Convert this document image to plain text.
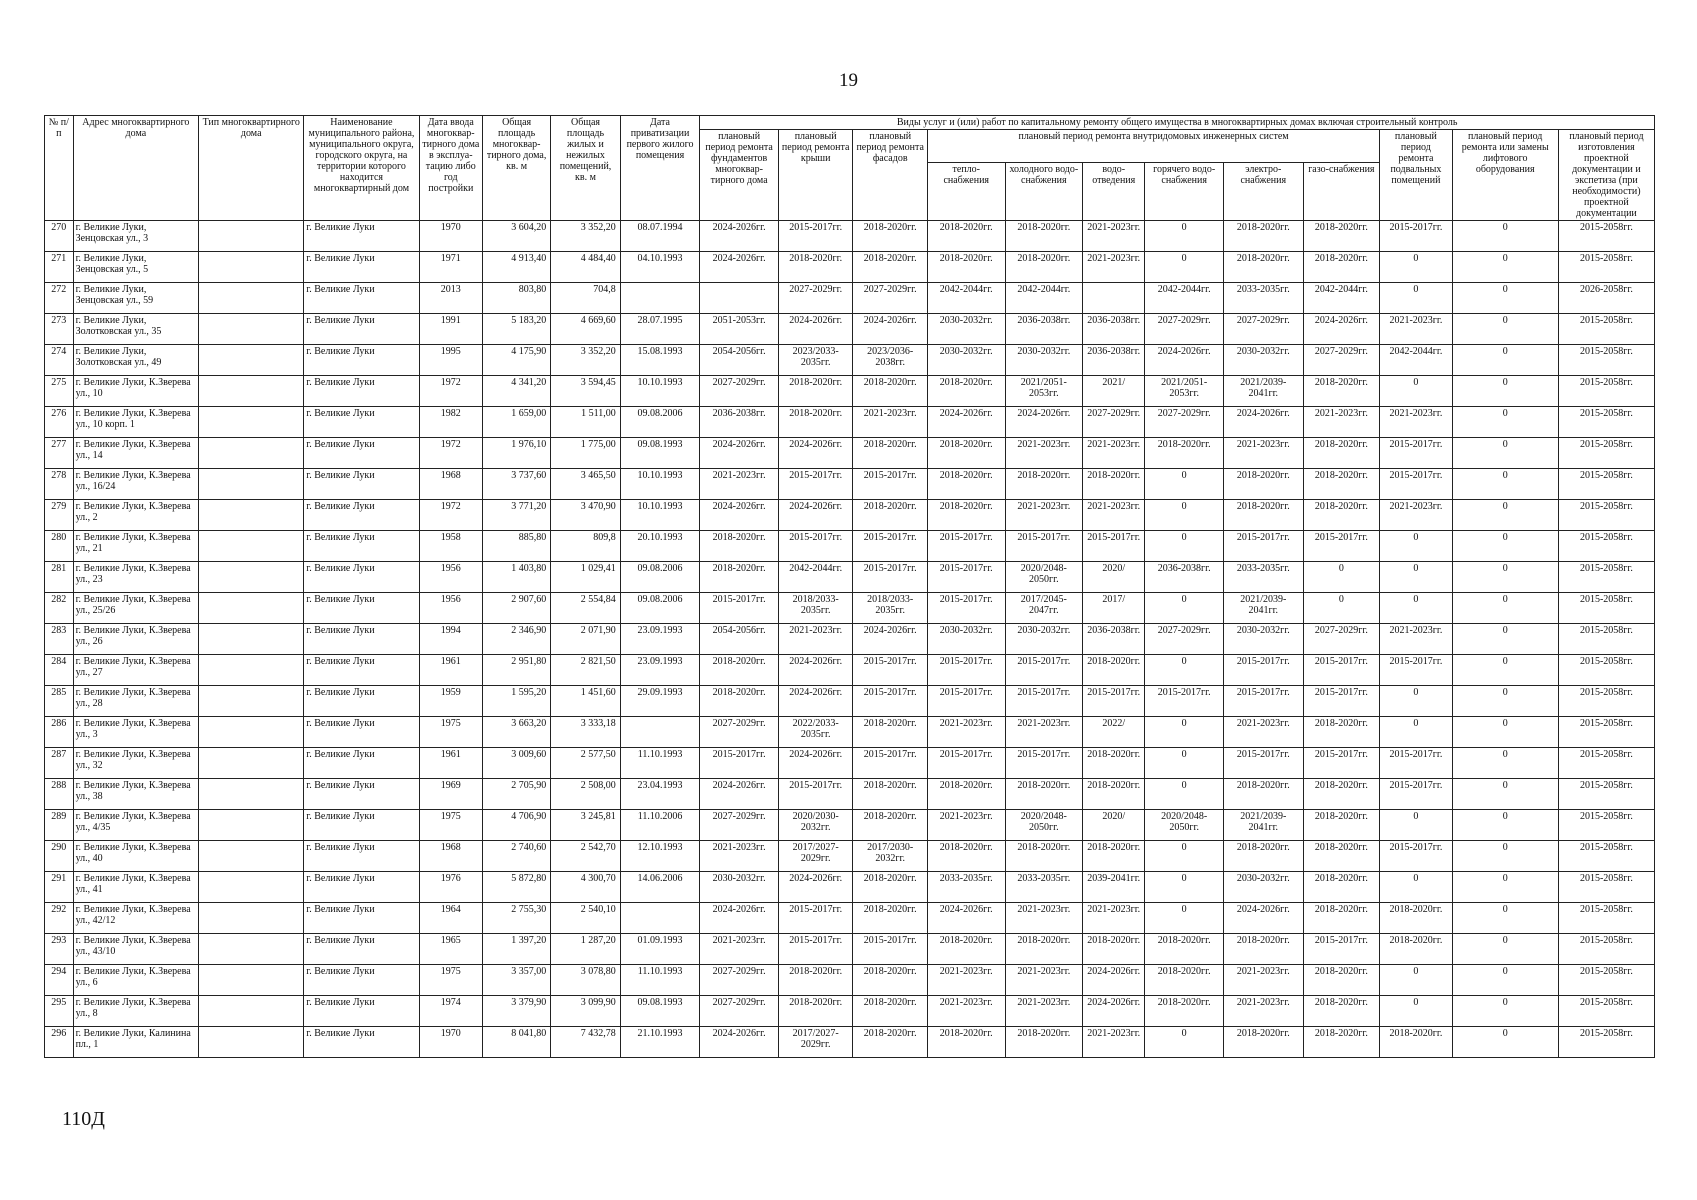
19
№ п/п	Адрес многоквартирного дома	Тип многоквартирного дома	Наименование муниципального района, муниципального округа, городского округа, на территории которого находится многоквартирный дом	Дата ввода многоквар-тирного дома в эксплуа-тацию либо год постройки	Общая площадь многоквар-тирного дома, кв. м	Общая площадь жилых и нежилых помещений, кв. м	Дата приватизации первого жилого помещения	Виды услуг и (или) работ по капитальному ремонту общего имущества в многоквартирных домах включая строительный контроль											
								плановый период ремонта фундаментов многоквар-тирного дома	плановый период ремонта крыши	плановый период ремонта фасадов	плановый период ремонта внутридомовых инженерных систем						плановый период ремонта подвальных помещений	плановый период ремонта или замены лифтового оборудования	плановый период изготовления проектной документации и экспетиза (при необходимости) проектной документации
											тепло-снабжения	холодного водо-снабжения	водо-отведения	горячего водо-снабжения	электро-снабжения	газо-снабжения			
270	г. Великие Луки, Зенцовская ул., 3		г. Великие Луки	1970	3 604,20	3 352,20	08.07.1994	2024-2026гг.	2015-2017гг.	2018-2020гг.	2018-2020гг.	2018-2020гг.	2021-2023гг.	0	2018-2020гг.	2018-2020гг.	2015-2017гг.	0	2015-2058гг.
271	г. Великие Луки, Зенцовская ул., 5		г. Великие Луки	1971	4 913,40	4 484,40	04.10.1993	2024-2026гг.	2018-2020гг.	2018-2020гг.	2018-2020гг.	2018-2020гг.	2021-2023гг.	0	2018-2020гг.	2018-2020гг.	0	0	2015-2058гг.
272	г. Великие Луки, Зенцовская ул., 59		г. Великие Луки	2013	803,80	704,8			2027-2029гг.	2027-2029гг.	2042-2044гг.	2042-2044гг.		2042-2044гг.	2033-2035гг.	2042-2044гг.	0	0	2026-2058гг.
273	г. Великие Луки, Золотковская ул., 35		г. Великие Луки	1991	5 183,20	4 669,60	28.07.1995	2051-2053гг.	2024-2026гг.	2024-2026гг.	2030-2032гг.	2036-2038гг.	2036-2038гг.	2027-2029гг.	2027-2029гг.	2024-2026гг.	2021-2023гг.	0	2015-2058гг.
274	г. Великие Луки, Золотковская ул., 49		г. Великие Луки	1995	4 175,90	3 352,20	15.08.1993	2054-2056гг.	2023/2033-2035гг.	2023/2036-2038гг.	2030-2032гг.	2030-2032гг.	2036-2038гг.	2024-2026гг.	2030-2032гг.	2027-2029гг.	2042-2044гг.	0	2015-2058гг.
275	г. Великие Луки, К.Зверева ул., 10		г. Великие Луки	1972	4 341,20	3 594,45	10.10.1993	2027-2029гг.	2018-2020гг.	2018-2020гг.	2018-2020гг.	2021/2051-2053гг.	2021/	2021/2051-2053гг.	2021/2039-2041гг.	2018-2020гг.	0	0	2015-2058гг.
276	г. Великие Луки, К.Зверева ул., 10 корп. 1		г. Великие Луки	1982	1 659,00	1 511,00	09.08.2006	2036-2038гг.	2018-2020гг.	2021-2023гг.	2024-2026гг.	2024-2026гг.	2027-2029гг.	2027-2029гг.	2024-2026гг.	2021-2023гг.	2021-2023гг.	0	2015-2058гг.
277	г. Великие Луки, К.Зверева ул., 14		г. Великие Луки	1972	1 976,10	1 775,00	09.08.1993	2024-2026гг.	2024-2026гг.	2018-2020гг.	2018-2020гг.	2021-2023гг.	2021-2023гг.	2018-2020гг.	2021-2023гг.	2018-2020гг.	2015-2017гг.	0	2015-2058гг.
278	г. Великие Луки, К.Зверева ул., 16/24		г. Великие Луки	1968	3 737,60	3 465,50	10.10.1993	2021-2023гг.	2015-2017гг.	2015-2017гг.	2018-2020гг.	2018-2020гг.	2018-2020гг.	0	2018-2020гг.	2018-2020гг.	2015-2017гг.	0	2015-2058гг.
279	г. Великие Луки, К.Зверева ул., 2		г. Великие Луки	1972	3 771,20	3 470,90	10.10.1993	2024-2026гг.	2024-2026гг.	2018-2020гг.	2018-2020гг.	2021-2023гг.	2021-2023гг.	0	2018-2020гг.	2018-2020гг.	2021-2023гг.	0	2015-2058гг.
280	г. Великие Луки, К.Зверева ул., 21		г. Великие Луки	1958	885,80	809,8	20.10.1993	2018-2020гг.	2015-2017гг.	2015-2017гг.	2015-2017гг.	2015-2017гг.	2015-2017гг.	0	2015-2017гг.	2015-2017гг.	0	0	2015-2058гг.
281	г. Великие Луки, К.Зверева ул., 23		г. Великие Луки	1956	1 403,80	1 029,41	09.08.2006	2018-2020гг.	2042-2044гг.	2015-2017гг.	2015-2017гг.	2020/2048-2050гг.	2020/	2036-2038гг.	2033-2035гг.	0	0	0	2015-2058гг.
282	г. Великие Луки, К.Зверева ул., 25/26		г. Великие Луки	1956	2 907,60	2 554,84	09.08.2006	2015-2017гг.	2018/2033-2035гг.	2018/2033-2035гг.	2015-2017гг.	2017/2045-2047гг.	2017/	0	2021/2039-2041гг.	0	0	0	2015-2058гг.
283	г. Великие Луки, К.Зверева ул., 26		г. Великие Луки	1994	2 346,90	2 071,90	23.09.1993	2054-2056гг.	2021-2023гг.	2024-2026гг.	2030-2032гг.	2030-2032гг.	2036-2038гг.	2027-2029гг.	2030-2032гг.	2027-2029гг.	2021-2023гг.	0	2015-2058гг.
284	г. Великие Луки, К.Зверева ул., 27		г. Великие Луки	1961	2 951,80	2 821,50	23.09.1993	2018-2020гг.	2024-2026гг.	2015-2017гг.	2015-2017гг.	2015-2017гг.	2018-2020гг.	0	2015-2017гг.	2015-2017гг.	2015-2017гг.	0	2015-2058гг.
285	г. Великие Луки, К.Зверева ул., 28		г. Великие Луки	1959	1 595,20	1 451,60	29.09.1993	2018-2020гг.	2024-2026гг.	2015-2017гг.	2015-2017гг.	2015-2017гг.	2015-2017гг.	2015-2017гг.	2015-2017гг.	2015-2017гг.	0	0	2015-2058гг.
286	г. Великие Луки, К.Зверева ул., 3		г. Великие Луки	1975	3 663,20	3 333,18		2027-2029гг.	2022/2033-2035гг.	2018-2020гг.	2021-2023гг.	2021-2023гг.	2022/	0	2021-2023гг.	2018-2020гг.	0	0	2015-2058гг.
287	г. Великие Луки, К.Зверева ул., 32		г. Великие Луки	1961	3 009,60	2 577,50	11.10.1993	2015-2017гг.	2024-2026гг.	2015-2017гг.	2015-2017гг.	2015-2017гг.	2018-2020гг.	0	2015-2017гг.	2015-2017гг.	2015-2017гг.	0	2015-2058гг.
288	г. Великие Луки, К.Зверева ул., 38		г. Великие Луки	1969	2 705,90	2 508,00	23.04.1993	2024-2026гг.	2015-2017гг.	2018-2020гг.	2018-2020гг.	2018-2020гг.	2018-2020гг.	0	2018-2020гг.	2018-2020гг.	2015-2017гг.	0	2015-2058гг.
289	г. Великие Луки, К.Зверева ул., 4/35		г. Великие Луки	1975	4 706,90	3 245,81	11.10.2006	2027-2029гг.	2020/2030-2032гг.	2018-2020гг.	2021-2023гг.	2020/2048-2050гг.	2020/	2020/2048-2050гг.	2021/2039-2041гг.	2018-2020гг.	0	0	2015-2058гг.
290	г. Великие Луки, К.Зверева ул., 40		г. Великие Луки	1968	2 740,60	2 542,70	12.10.1993	2021-2023гг.	2017/2027-2029гг.	2017/2030-2032гг.	2018-2020гг.	2018-2020гг.	2018-2020гг.	0	2018-2020гг.	2018-2020гг.	2015-2017гг.	0	2015-2058гг.
291	г. Великие Луки, К.Зверева ул., 41		г. Великие Луки	1976	5 872,80	4 300,70	14.06.2006	2030-2032гг.	2024-2026гг.	2018-2020гг.	2033-2035гг.	2033-2035гг.	2039-2041гг.	0	2030-2032гг.	2018-2020гг.	0	0	2015-2058гг.
292	г. Великие Луки, К.Зверева ул., 42/12		г. Великие Луки	1964	2 755,30	2 540,10		2024-2026гг.	2015-2017гг.	2018-2020гг.	2024-2026гг.	2021-2023гг.	2021-2023гг.	0	2024-2026гг.	2018-2020гг.	2018-2020гг.	0	2015-2058гг.
293	г. Великие Луки, К.Зверева ул., 43/10		г. Великие Луки	1965	1 397,20	1 287,20	01.09.1993	2021-2023гг.	2015-2017гг.	2015-2017гг.	2018-2020гг.	2018-2020гг.	2018-2020гг.	2018-2020гг.	2018-2020гг.	2015-2017гг.	2018-2020гг.	0	2015-2058гг.
294	г. Великие Луки, К.Зверева ул., 6		г. Великие Луки	1975	3 357,00	3 078,80	11.10.1993	2027-2029гг.	2018-2020гг.	2018-2020гг.	2021-2023гг.	2021-2023гг.	2024-2026гг.	2018-2020гг.	2021-2023гг.	2018-2020гг.	0	0	2015-2058гг.
295	г. Великие Луки, К.Зверева ул., 8		г. Великие Луки	1974	3 379,90	3 099,90	09.08.1993	2027-2029гг.	2018-2020гг.	2018-2020гг.	2021-2023гг.	2021-2023гг.	2024-2026гг.	2018-2020гг.	2021-2023гг.	2018-2020гг.	0	0	2015-2058гг.
296	г. Великие Луки, Калинина пл., 1		г. Великие Луки	1970	8 041,80	7 432,78	21.10.1993	2024-2026гг.	2017/2027-2029гг.	2018-2020гг.	2018-2020гг.	2018-2020гг.	2021-2023гг.	0	2018-2020гг.	2018-2020гг.	2018-2020гг.	0	2015-2058гг.
110Д
